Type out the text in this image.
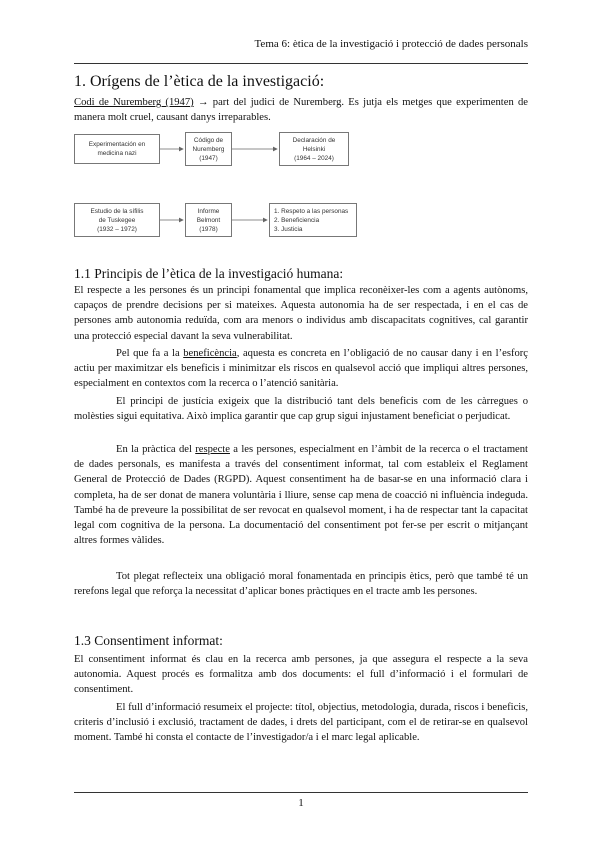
Tema 6: ètica de la investigació i protecció de dades personals
1. Orígens de l’ètica de la investigació:

Codi de Nuremberg (1947) → part del judici de Nuremberg. Es jutja els metges que experimenten de manera molt cruel, causant danys irreparables.

Experimentación en
medicina nazi
Código de
Nuremberg
(1947)
Declaración de
Helsinki
(1964 – 2024)
Estudio de la sífilis
de Tuskegee
(1932 – 1972)
Informe
Belmont
(1978)
1. Respeto a las personas
2. Beneficiencia
3. Justicia
1.1 Principis de l’ètica de la investigació humana:

El respecte a les persones és un principi fonamental que implica reconèixer-les com a agents autònoms, capaços de prendre decisions per si mateixes. Aquesta autonomia ha de ser respectada, i en el cas de persones amb autonomia reduïda, com ara menors o individus amb discapacitats cognitives, cal garantir una protecció especial davant la seva vulnerabilitat.

Pel que fa a la beneficència, aquesta es concreta en l’obligació de no causar dany i en l’esforç actiu per maximitzar els beneficis i minimitzar els riscos en qualsevol acció que impliqui altres persones, especialment en contextos com la recerca o l’atenció sanitària.

El principi de justícia exigeix que la distribució tant dels beneficis com de les càrregues o molèsties sigui equitativa. Això implica garantir que cap grup sigui injustament beneficiat o perjudicat.

En la pràctica del respecte a les persones, especialment en l’àmbit de la recerca o el tractament de dades personals, es manifesta a través del consentiment informat, tal com estableix el Reglament General de Protecció de Dades (RGPD). Aquest consentiment ha de basar-se en una informació clara i completa, ha de ser donat de manera voluntària i lliure, sense cap mena de coacció ni influència indeguda. També ha de preveure la possibilitat de ser revocat en qualsevol moment, i ha de respectar tant la capacitat legal com cognitiva de la persona. La documentació del consentiment pot fer-se per escrit o mitjançant altres formes vàlides.

Tot plegat reflecteix una obligació moral fonamentada en principis ètics, però que també té un rerefons legal que reforça la necessitat d’aplicar bones pràctiques en el tracte amb les persones.

1.3 Consentiment informat:

El consentiment informat és clau en la recerca amb persones, ja que assegura el respecte a la seva autonomia. Aquest procés es formalitza amb dos documents: el full d’informació i el formulari de consentiment.

El full d’informació resumeix el projecte: títol, objectius, metodologia, durada, riscos i beneficis, criteris d’inclusió i exclusió, tractament de dades, i drets del participant, com el de retirar-se en qualsevol moment. També hi consta el contacte de l’investigador/a i el marc legal aplicable.

1
